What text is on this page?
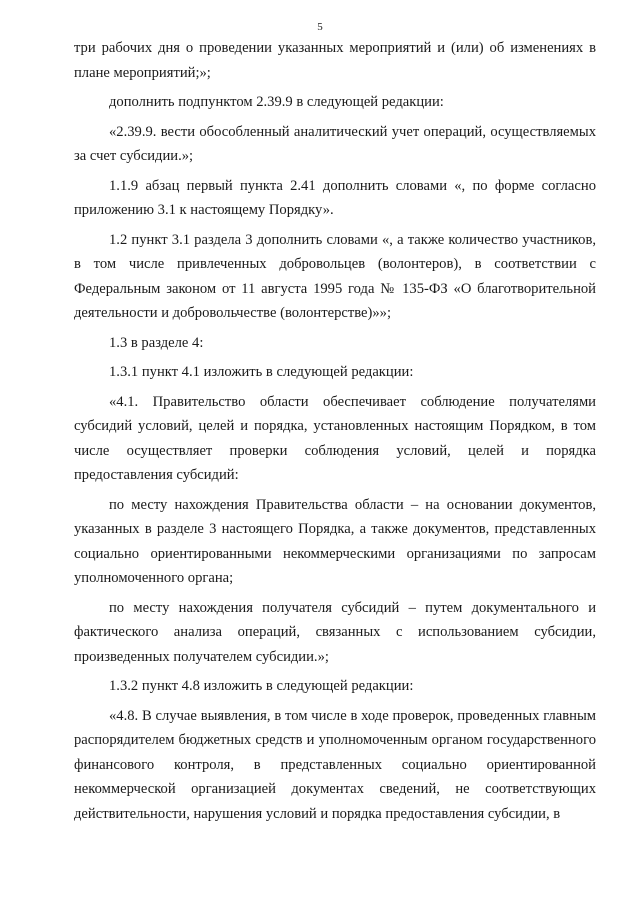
5

три рабочих дня о проведении указанных мероприятий и (или) об изменениях в плане мероприятий;»;

дополнить подпунктом 2.39.9 в следующей редакции:

«2.39.9. вести обособленный аналитический учет операций, осуществляемых за счет субсидии.»;

1.1.9 абзац первый пункта 2.41 дополнить словами «, по форме согласно приложению 3.1 к настоящему Порядку».

1.2 пункт 3.1 раздела 3 дополнить словами «, а также количество участников, в том числе привлеченных добровольцев (волонтеров), в соответствии с Федеральным законом от 11 августа 1995 года № 135-ФЗ «О благотворительной деятельности и добровольчестве (волонтерстве)»»;

1.3 в разделе 4:

1.3.1 пункт 4.1 изложить в следующей редакции:

«4.1. Правительство области обеспечивает соблюдение получателями субсидий условий, целей и порядка, установленных настоящим Порядком, в том числе осуществляет проверки соблюдения условий, целей и порядка предоставления субсидий:

по месту нахождения Правительства области – на основании документов, указанных в разделе 3 настоящего Порядка, а также документов, представленных социально ориентированными некоммерческими организациями по запросам уполномоченного органа;

по месту нахождения получателя субсидий – путем документального и фактического анализа операций, связанных с использованием субсидии, произведенных получателем субсидии.»;

1.3.2 пункт 4.8 изложить в следующей редакции:

«4.8. В случае выявления, в том числе в ходе проверок, проведенных главным распорядителем бюджетных средств и уполномоченным органом государственного финансового контроля, в представленных социально ориентированной некоммерческой организацией документах сведений, не соответствующих действительности, нарушения условий и порядка предоставления субсидии, в
